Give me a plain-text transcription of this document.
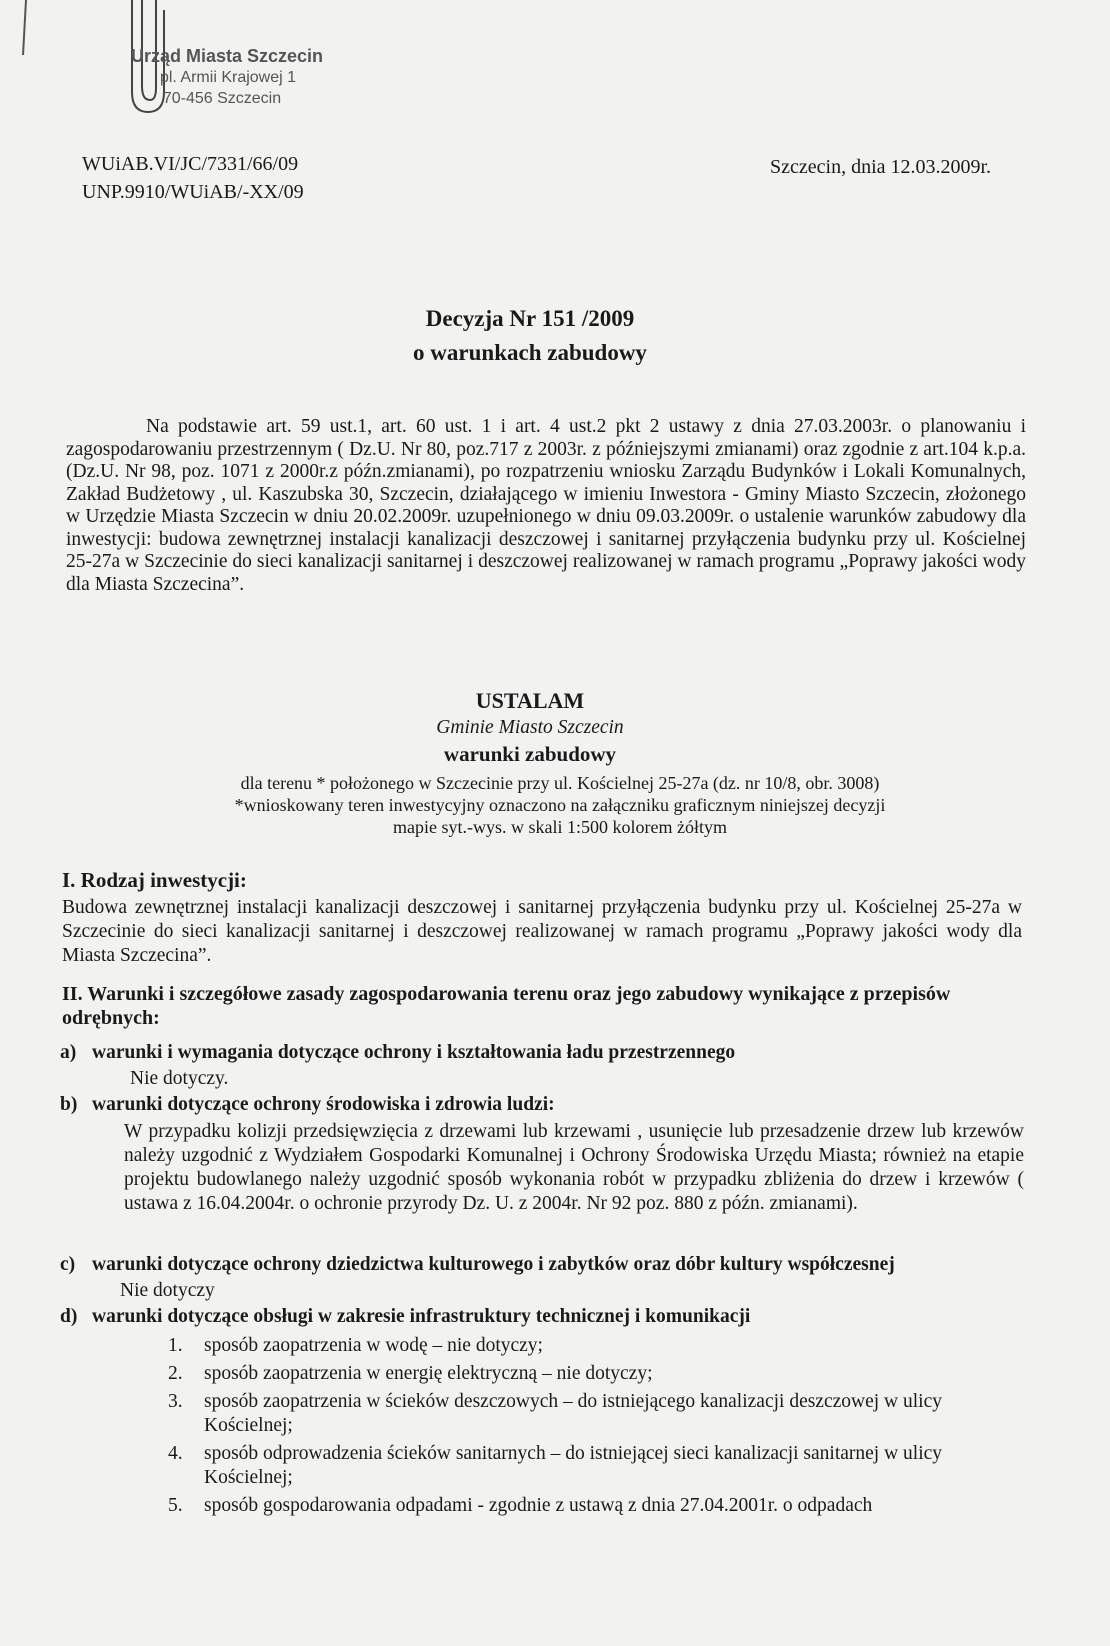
Urząd Miasta Szczecin
pl. Armii Krajowej 1
70-456 Szczecin
WUiAB.VI/JC/7331/66/09
UNP.9910/WUiAB/-XX/09
Szczecin, dnia 12.03.2009r.
Decyzja Nr 151 /2009
o warunkach zabudowy

Na podstawie art. 59 ust.1, art. 60 ust. 1 i art. 4 ust.2 pkt 2 ustawy z dnia 27.03.2003r. o planowaniu i zagospodarowaniu przestrzennym ( Dz.U. Nr 80, poz.717 z 2003r. z późniejszymi zmianami) oraz zgodnie z art.104 k.p.a. (Dz.U. Nr 98, poz. 1071 z 2000r.z późn.zmianami), po rozpatrzeniu wniosku Zarządu Budynków i Lokali Komunalnych, Zakład Budżetowy , ul. Kaszubska 30, Szczecin, działającego w imieniu Inwestora - Gminy Miasto Szczecin, złożonego w Urzędzie Miasta Szczecin w dniu 20.02.2009r. uzupełnionego w dniu 09.03.2009r. o ustalenie warunków zabudowy dla inwestycji: budowa zewnętrznej instalacji kanalizacji deszczowej i sanitarnej przyłączenia budynku przy ul. Kościelnej 25-27a w Szczecinie do sieci kanalizacji sanitarnej i deszczowej realizowanej w ramach programu „Poprawy jakości wody dla Miasta Szczecina”.

USTALAM
Gminie Miasto Szczecin
warunki zabudowy
dla terenu * położonego w Szczecinie przy ul. Kościelnej 25-27a (dz. nr 10/8, obr. 3008)
*wnioskowany teren inwestycyjny oznaczono na załączniku graficznym niniejszej decyzji
mapie syt.-wys. w skali 1:500 kolorem żółtym
I. Rodzaj inwestycji:
Budowa zewnętrznej instalacji kanalizacji deszczowej i sanitarnej przyłączenia budynku przy ul. Kościelnej 25-27a w Szczecinie do sieci kanalizacji sanitarnej i deszczowej realizowanej w ramach programu „Poprawy jakości wody dla Miasta Szczecina”.
II. Warunki i szczegółowe zasady zagospodarowania terenu oraz jego zabudowy wynikające z przepisów odrębnych:
a) warunki i wymagania dotyczące ochrony i kształtowania ładu przestrzennego
Nie dotyczy.
b) warunki dotyczące ochrony środowiska i zdrowia ludzi:
W przypadku kolizji przedsięwzięcia z drzewami lub krzewami , usunięcie lub przesadzenie drzew lub krzewów należy uzgodnić z Wydziałem Gospodarki Komunalnej i Ochrony Środowiska Urzędu Miasta; również na etapie projektu budowlanego należy uzgodnić sposób wykonania robót w przypadku zbliżenia do drzew i krzewów ( ustawa z 16.04.2004r. o ochronie przyrody Dz. U. z 2004r. Nr 92 poz. 880 z późn. zmianami).
c) warunki dotyczące ochrony dziedzictwa kulturowego i zabytków oraz dóbr kultury współczesnej
Nie dotyczy
d) warunki dotyczące obsługi w zakresie infrastruktury technicznej i komunikacji
1.	sposób zaopatrzenia w wodę – nie dotyczy;
2.	sposób zaopatrzenia w energię elektryczną – nie dotyczy;
3.	sposób zaopatrzenia w ścieków deszczowych – do istniejącego kanalizacji deszczowej w ulicy Kościelnej;
4.	sposób odprowadzenia ścieków sanitarnych – do istniejącej sieci kanalizacji sanitarnej w ulicy Kościelnej;
5.	sposób gospodarowania odpadami - zgodnie z ustawą z dnia 27.04.2001r. o odpadach
